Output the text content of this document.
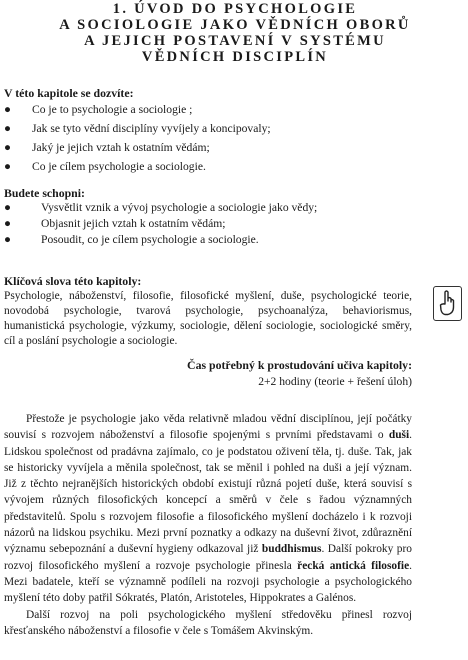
1. ÚVOD DO PSYCHOLOGIE
A SOCIOLOGIE JAKO VĚDNÍCH OBORŮ
A JEJICH POSTAVENÍ V SYSTÉMU
VĚDNÍCH DISCIPLÍN
V této kapitole se dozvíte:
● Co je to psychologie a sociologie ;
● Jak se tyto vědní disciplíny vyvíjely a koncipovaly;
● Jaký je jejich vztah k ostatním vědám;
● Co je cílem psychologie a sociologie.
Budete schopni:
●	Vysvětlit vznik a vývoj psychologie a sociologie jako vědy;
●	Objasnit jejich vztah k ostatním vědám;
●	Posoudit, co je cílem psychologie a sociologie.
Klíčová slova této kapitoly:
Psychologie, náboženství, filosofie, filosofické myšlení, duše, psychologické teorie, novodobá psychologie, tvarová psychologie, psychoanalýza, behaviorismus, humanistická psychologie, výzkumy, sociologie, dělení sociologie, sociologické směry, cíl a poslání psychologie a sociologie.
Čas potřebný k prostudování učiva kapitoly:
2+2 hodiny (teorie + řešení úloh)

Přestože je psychologie jako věda relativně mladou vědní disciplínou, její počátky souvisí s rozvojem náboženství a filosofie spojenými s prvními představami o duši. Lidskou společnost od pradávna zajímalo, co je podstatou oživení těla, tj. duše. Tak, jak se historicky vyvíjela a měnila společnost, tak se měnil i pohled na duši a její význam. Již z těchto nejranějších historických období existují různá pojetí duše, která souvisí s vývojem různých filosofických koncepcí a směrů v čele s řadou významných představitelů. Spolu s rozvojem filosofie a filosofického myšlení docházelo i k rozvoji názorů na lidskou psychiku. Mezi první poznatky a odkazy na duševní život, zdůraznění významu sebepoznání a duševní hygieny odkazoval již buddhismus. Další pokroky pro rozvoj filosofického myšlení a rozvoje psychologie přinesla řecká antická filosofie. Mezi badatele, kteří se významně podíleli na rozvoji psychologie a psychologického myšlení této doby patřil Sókratés, Platón, Aristoteles, Hippokrates a Galénos.

Další rozvoj na poli psychologického myšlení středověku přinesl rozvoj křesťanského náboženství a filosofie v čele s Tomášem Akvinským.
